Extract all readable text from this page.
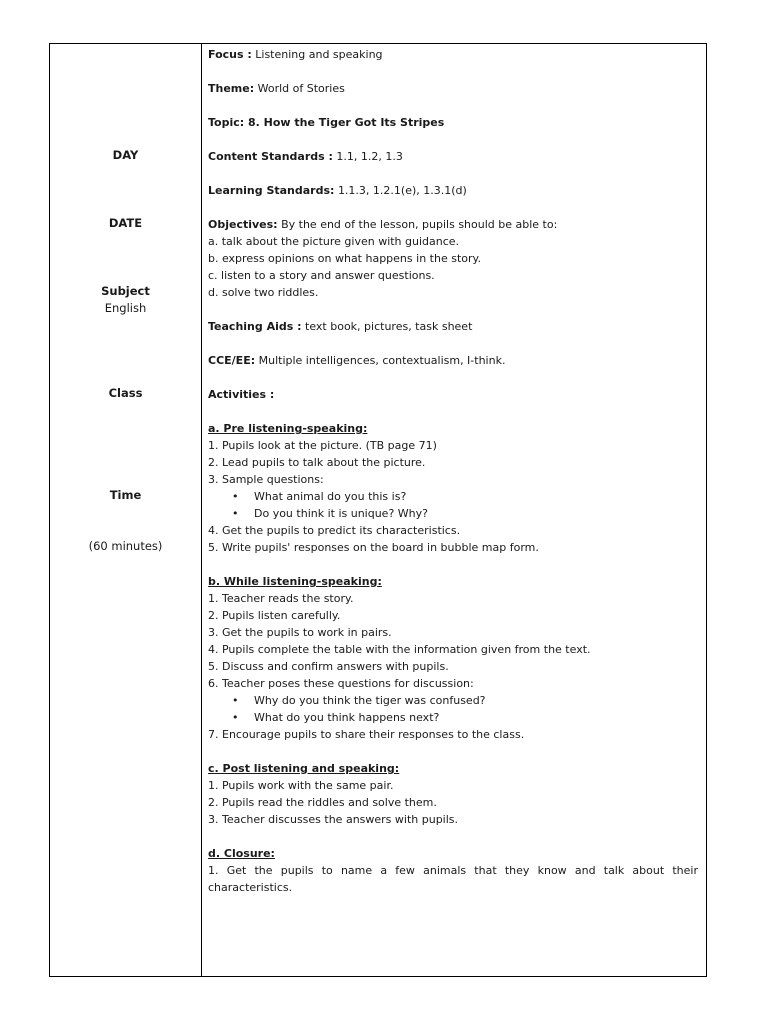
DAY
DATE
Subject
English
Class
Time
(60 minutes)
Focus : Listening and speaking
Theme: World of Stories
Topic: 8. How the Tiger Got Its Stripes
Content Standards : 1.1, 1.2, 1.3
Learning Standards: 1.1.3, 1.2.1(e), 1.3.1(d)
Objectives: By the end of the lesson, pupils should be able to:
a. talk about the picture given with guidance.
b. express opinions on what happens in the story.
c. listen to a story and answer questions.
d. solve two riddles.
Teaching Aids : text book, pictures, task sheet
CCE/EE: Multiple intelligences, contextualism, I-think.
Activities :
a. Pre listening-speaking:
1. Pupils look at the picture. (TB page 71)
2. Lead pupils to talk about the picture.
3. Sample questions:
• What animal do you this is?
• Do you think it is unique? Why?
4. Get the pupils to predict its characteristics.
5. Write pupils' responses on the board in bubble map form.
b. While listening-speaking:
1. Teacher reads the story.
2. Pupils listen carefully.
3. Get the pupils to work in pairs.
4. Pupils complete the table with the information given from the text.
5. Discuss and confirm answers with pupils.
6. Teacher poses these questions for discussion:
• Why do you think the tiger was confused?
• What do you think happens next?
7. Encourage pupils to share their responses to the class.
c. Post listening and speaking:
1. Pupils work with the same pair.
2. Pupils read the riddles and solve them.
3. Teacher discusses the answers with pupils.
d. Closure:
1. Get the pupils to name a few animals that they know and talk about their characteristics.
